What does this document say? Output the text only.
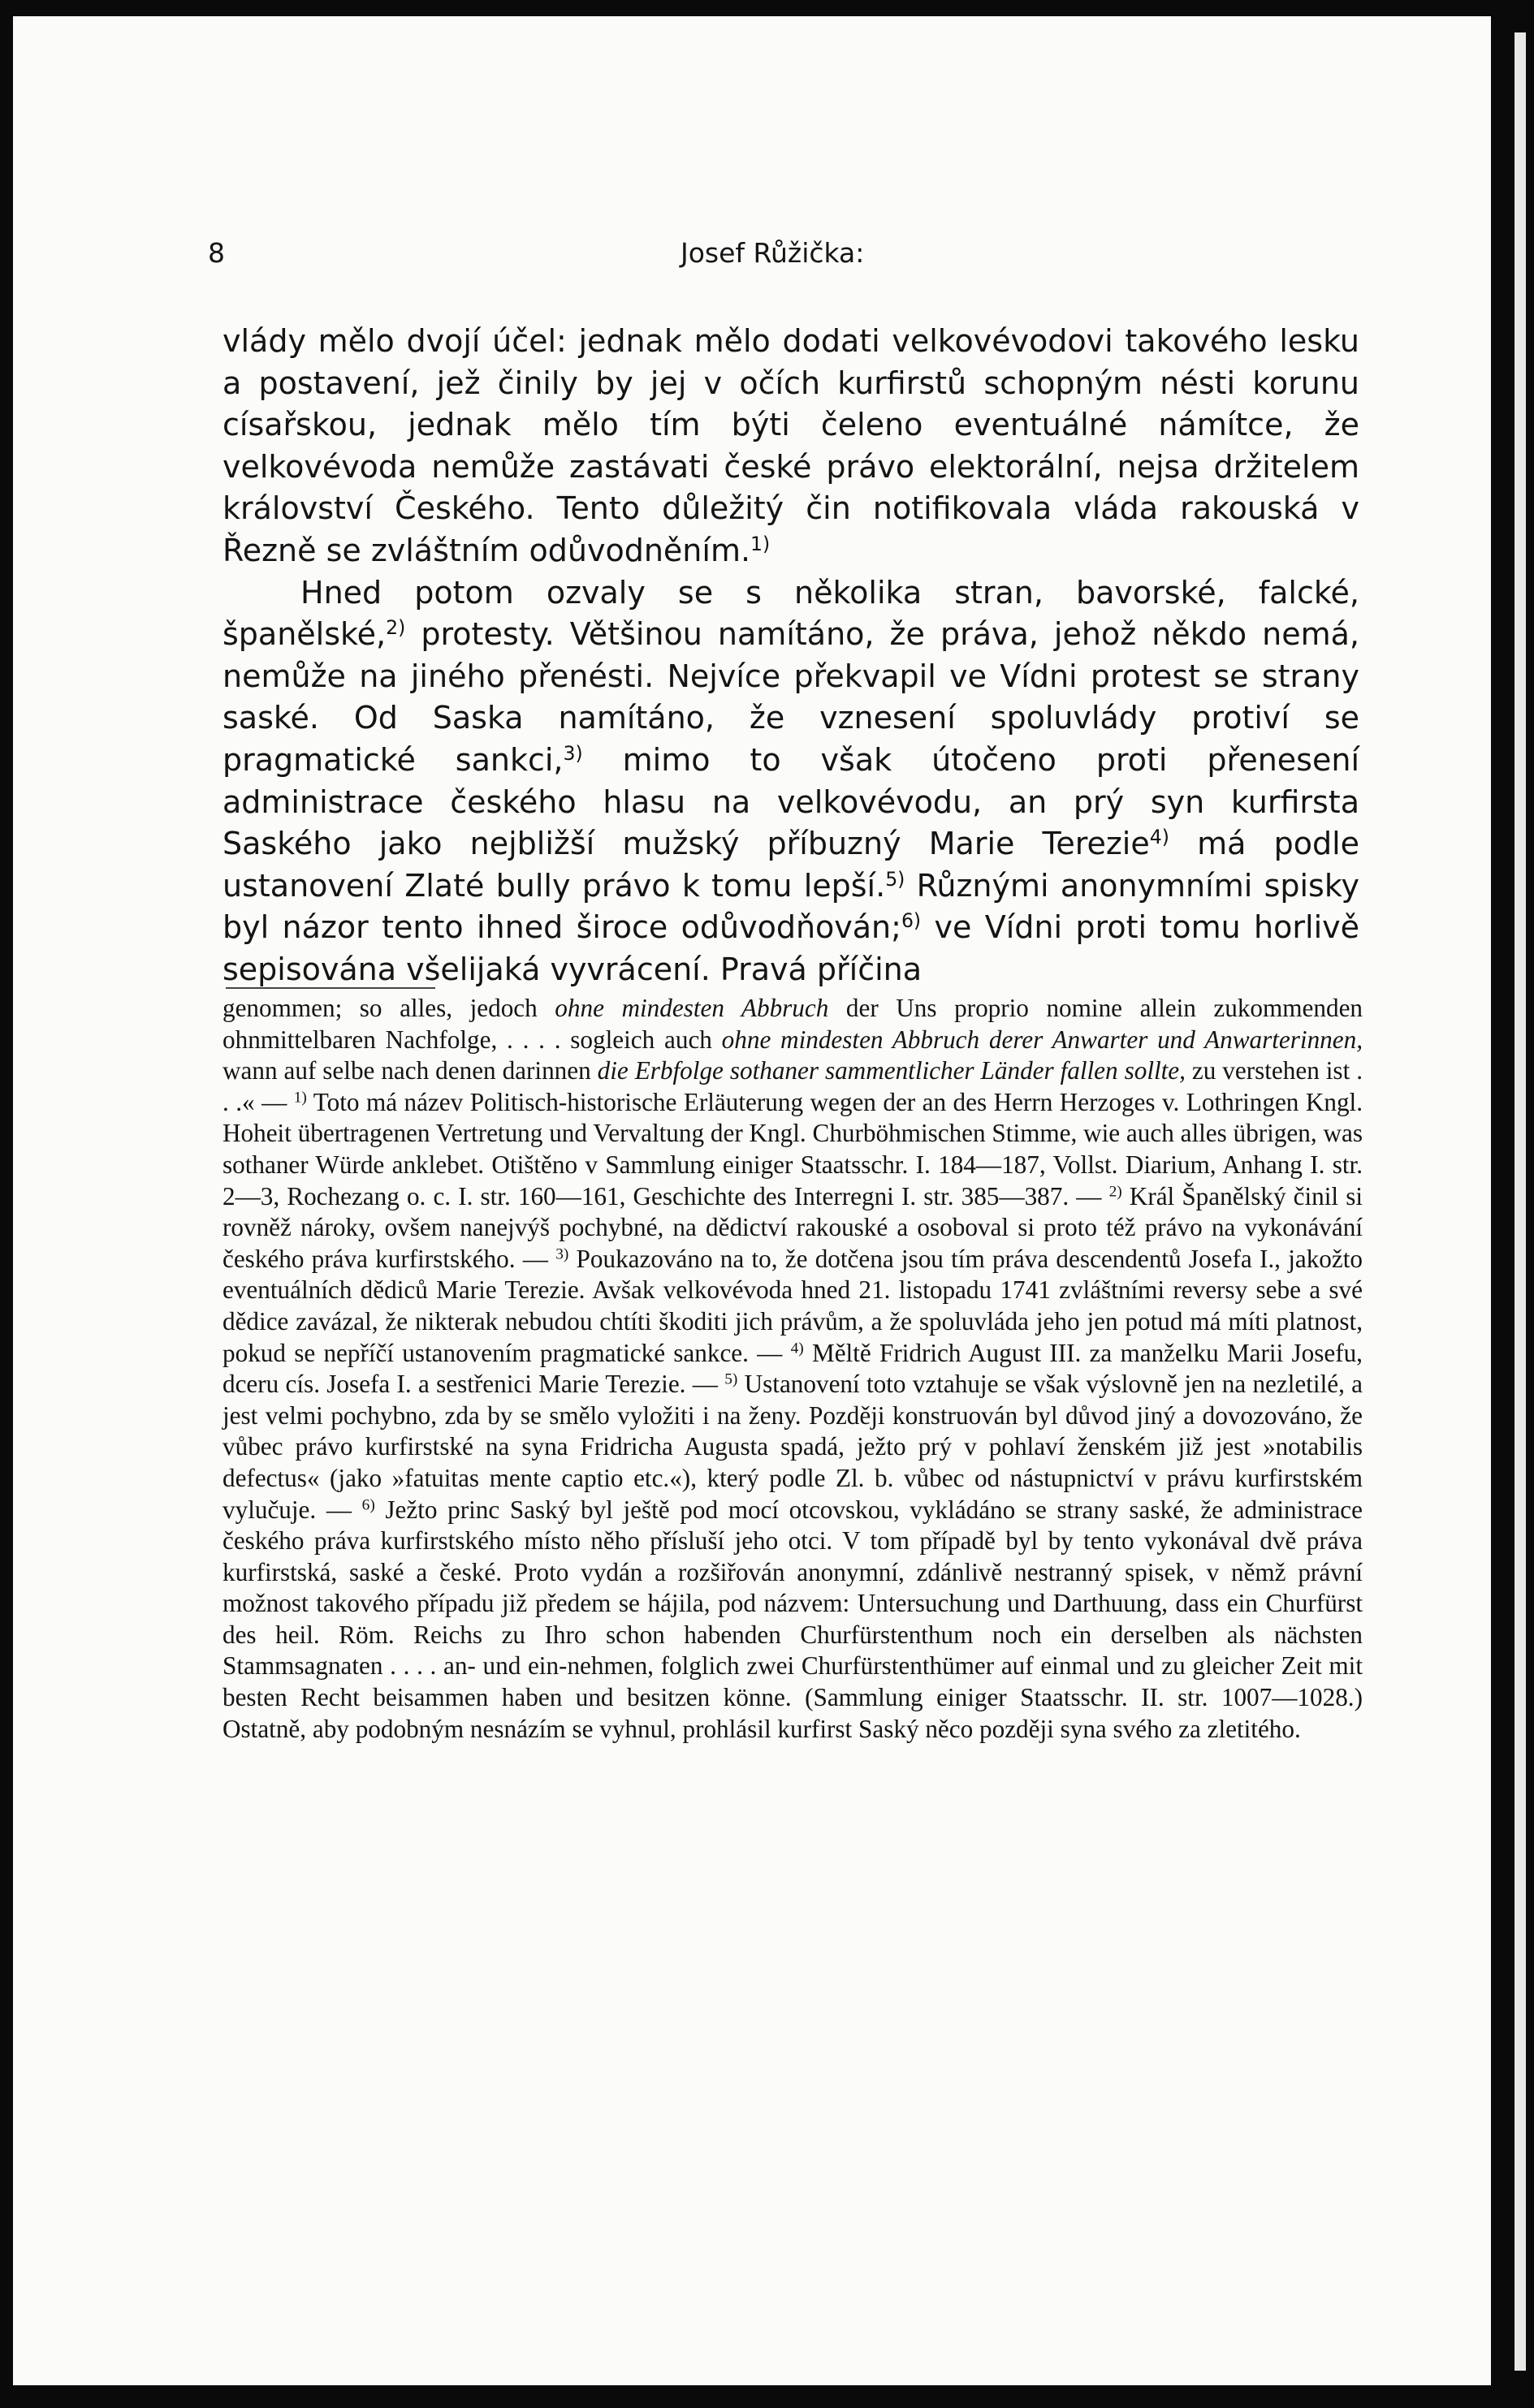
8	Josef Růžička:

vlády mělo dvojí účel: jednak mělo dodati velkovévodovi takového lesku a postavení, jež činily by jej v očích kurfirstů schopným nésti korunu císařskou, jednak mělo tím býti čeleno eventuálné námítce, že velkovévoda nemůže zastávati české právo elektorální, nejsa držitelem království Českého. Tento důležitý čin notifikovala vláda rakouská v Řezně se zvláštním odůvodněním.$^{1)}$

Hned potom ozvaly se s několika stran, bavorské, falcké, španělské,$^{2)}$ protesty. Většinou namítáno, že práva, jehož někdo nemá, nemůže na jiného přenésti. Nejvíce překvapil ve Vídni protest se strany saské. Od Saska namítáno, že vznesení spoluvlády protiví se pragmatické sankci,$^{3)}$ mimo to však útočeno proti přenesení administrace českého hlasu na velkovévodu, an prý syn kurfirsta Saského jako nejbližší mužský příbuzný Marie Terezie$^{4)}$ má podle ustanovení Zlaté bully právo k tomu lepší.$^{5)}$ Různými anonymními spisky byl názor tento ihned široce odůvodňován;$^{6)}$ ve Vídni proti tomu horlivě sepisována všelijaká vyvrácení. Pravá příčina

genommen; so alles, jedoch ohne mindesten Abbruch der Uns proprio nomine allein zukommenden ohnmittelbaren Nachfolge, . . . . sogleich auch ohne mindesten Abbruch derer Anwarter und Anwarterinnen, wann auf selbe nach denen darinnen die Erbfolge sothaner sammentlicher Länder fallen sollte, zu verstehen ist . . .« — $^{1)}$ Toto má název Politisch-historische Erläuterung wegen der an des Herrn Herzoges v. Lothringen Kngl. Hoheit übertragenen Vertretung und Vervaltung der Kngl. Churböhmischen Stimme, wie auch alles übrigen, was sothaner Würde anklebet. Otištěno v Sammlung einiger Staatsschr. I. 184—187, Vollst. Diarium, Anhang I. str. 2—3, Rochezang o. c. I. str. 160—161, Geschichte des Interregni I. str. 385—387. — $^{2)}$ Král Španělský činil si rovněž nároky, ovšem nanejvýš pochybné, na dědictví rakouské a osoboval si proto též právo na vykonávání českého práva kurfirstského. — $^{3)}$ Poukazováno na to, že dotčena jsou tím práva descendentů Josefa I., jakožto eventuálních dědiců Marie Terezie. Avšak velkovévoda hned 21. listopadu 1741 zvláštními reversy sebe a své dědice zavázal, že nikterak nebudou chtíti škoditi jich právům, a že spoluvláda jeho jen potud má míti platnost, pokud se nepříčí ustanovením pragmatické sankce. — $^{4)}$ Měltě Fridrich August III. za manželku Marii Josefu, dceru cís. Josefa I. a sestřenici Marie Terezie. — $^{5)}$ Ustanovení toto vztahuje se však výslovně jen na nezletilé, a jest velmi pochybno, zda by se smělo vyložiti i na ženy. Později konstruován byl důvod jiný a dovozováno, že vůbec právo kurfirstské na syna Fridricha Augusta spadá, ježto prý v pohlaví ženském již jest »notabilis defectus« (jako »fatuitas mente captio etc.«), který podle Zl. b. vůbec od nástupnictví v právu kurfirstském vylučuje. — $^{6)}$ Ježto princ Saský byl ještě pod mocí otcovskou, vykládáno se strany saské, že administrace českého práva kurfirstského místo něho přísluší jeho otci. V tom případě byl by tento vykonával dvě práva kurfirstská, saské a české. Proto vydán a rozšiřován anonymní, zdánlivě nestranný spisek, v němž právní možnost takového případu již předem se hájila, pod názvem: Untersuchung und Darthuung, dass ein Churfürst des heil. Röm. Reichs zu Ihro schon habenden Churfürstenthum noch ein derselben als nächsten Stammsagnaten . . . . an- und ein-nehmen, folglich zwei Churfürstenthümer auf einmal und zu gleicher Zeit mit besten Recht beisammen haben und besitzen könne. (Sammlung einiger Staatsschr. II. str. 1007—1028.) Ostatně, aby podobným nesnázím se vyhnul, prohlásil kurfirst Saský něco později syna svého za zletitého.
